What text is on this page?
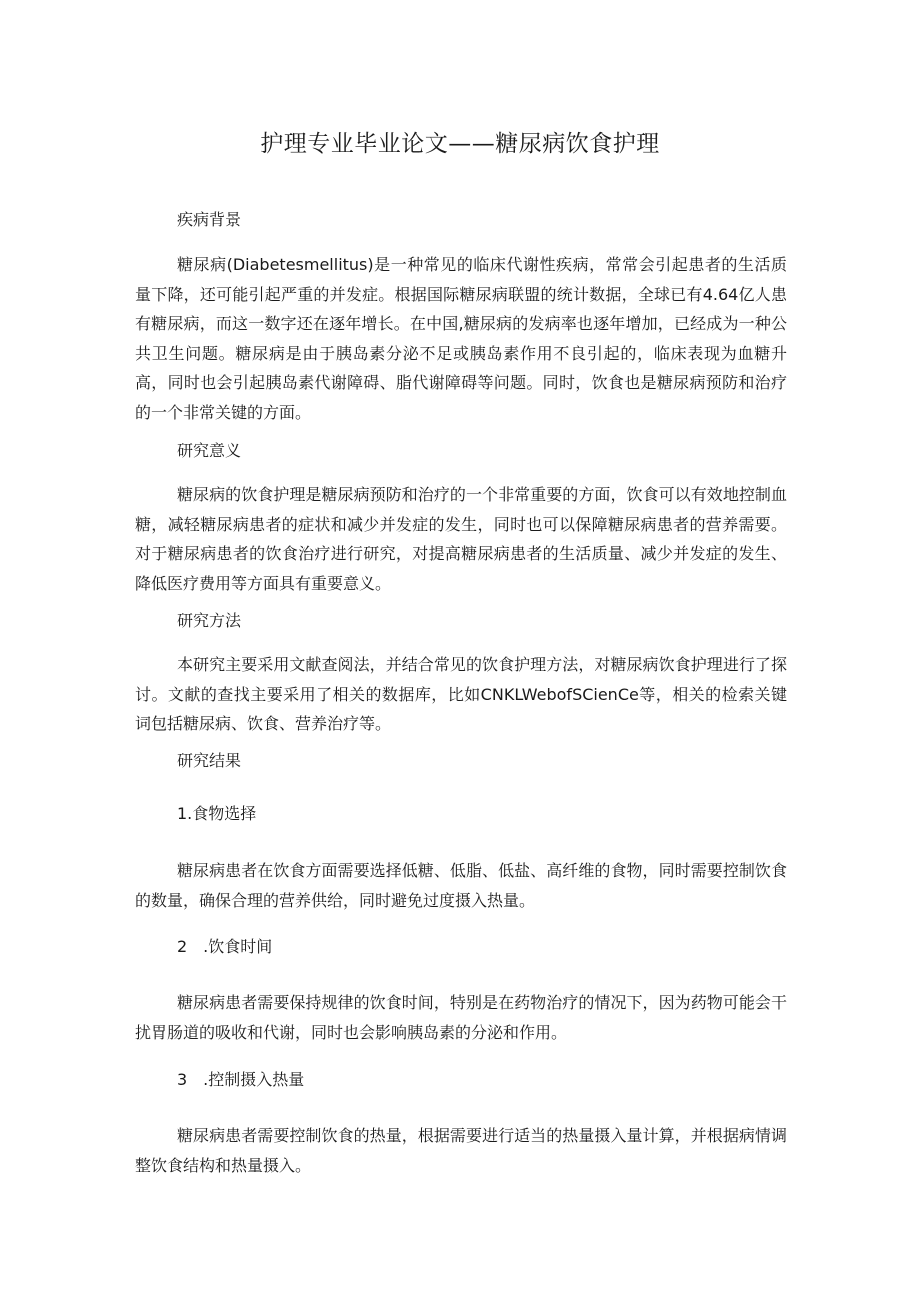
护理专业毕业论文——糖尿病饮食护理
疾病背景

糖尿病(Diabetesmellitus)是一种常见的临床代谢性疾病，常常会引起患者的生活质量下降，还可能引起严重的并发症。根据国际糖尿病联盟的统计数据，全球已有4.64亿人患有糖尿病，而这一数字还在逐年增长。在中国,糖尿病的发病率也逐年增加，已经成为一种公共卫生问题。糖尿病是由于胰岛素分泌不足或胰岛素作用不良引起的，临床表现为血糖升高，同时也会引起胰岛素代谢障碍、脂代谢障碍等问题。同时，饮食也是糖尿病预防和治疗的一个非常关键的方面。

研究意义

糖尿病的饮食护理是糖尿病预防和治疗的一个非常重要的方面，饮食可以有效地控制血糖，减轻糖尿病患者的症状和减少并发症的发生，同时也可以保障糖尿病患者的营养需要。对于糖尿病患者的饮食治疗进行研究，对提高糖尿病患者的生活质量、减少并发症的发生、降低医疗费用等方面具有重要意义。

研究方法

本研究主要采用文献查阅法，并结合常见的饮食护理方法，对糖尿病饮食护理进行了探讨。文献的查找主要采用了相关的数据库，比如CNKLWebofSCienCe等，相关的检索关键词包括糖尿病、饮食、营养治疗等。

研究结果
1.食物选择

糖尿病患者在饮食方面需要选择低糖、低脂、低盐、高纤维的食物，同时需要控制饮食的数量，确保合理的营养供给，同时避免过度摄入热量。

2　.饮食时间

糖尿病患者需要保持规律的饮食时间，特别是在药物治疗的情况下，因为药物可能会干扰胃肠道的吸收和代谢，同时也会影响胰岛素的分泌和作用。

3　.控制摄入热量

糖尿病患者需要控制饮食的热量，根据需要进行适当的热量摄入量计算，并根据病情调整饮食结构和热量摄入。
